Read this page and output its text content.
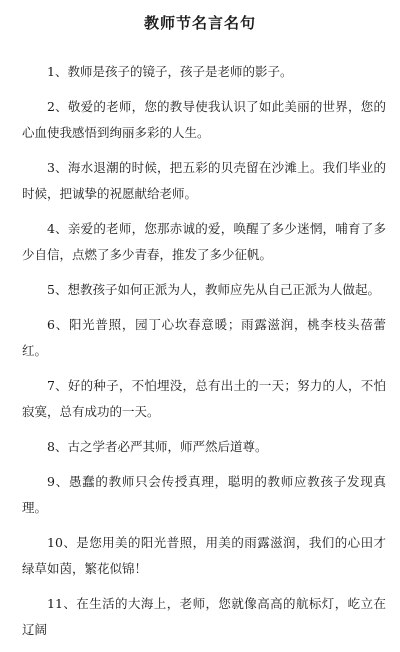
教师节名言名句
1、教师是孩子的镜子，孩子是老师的影子。
2、敬爱的老师，您的教导使我认识了如此美丽的世界，您的心血使我感悟到绚丽多彩的人生。
3、海水退潮的时候，把五彩的贝壳留在沙滩上。我们毕业的时候，把诚挚的祝愿献给老师。
4、亲爱的老师，您那赤诚的爱，唤醒了多少迷惘，哺育了多少自信，点燃了多少青春，推发了多少征帆。
5、想教孩子如何正派为人，教师应先从自己正派为人做起。
6、阳光普照，园丁心坎春意暖；雨露滋润，桃李枝头蓓蕾红。
7、好的种子，不怕埋没，总有出土的一天；努力的人，不怕寂寞，总有成功的一天。
8、古之学者必严其师，师严然后道尊。
9、愚蠢的教师只会传授真理，聪明的教师应教孩子发现真理。
10、是您用美的阳光普照，用美的雨露滋润，我们的心田才绿草如茵，繁花似锦！
11、在生活的大海上，老师，您就像高高的航标灯，屹立在辽阔
